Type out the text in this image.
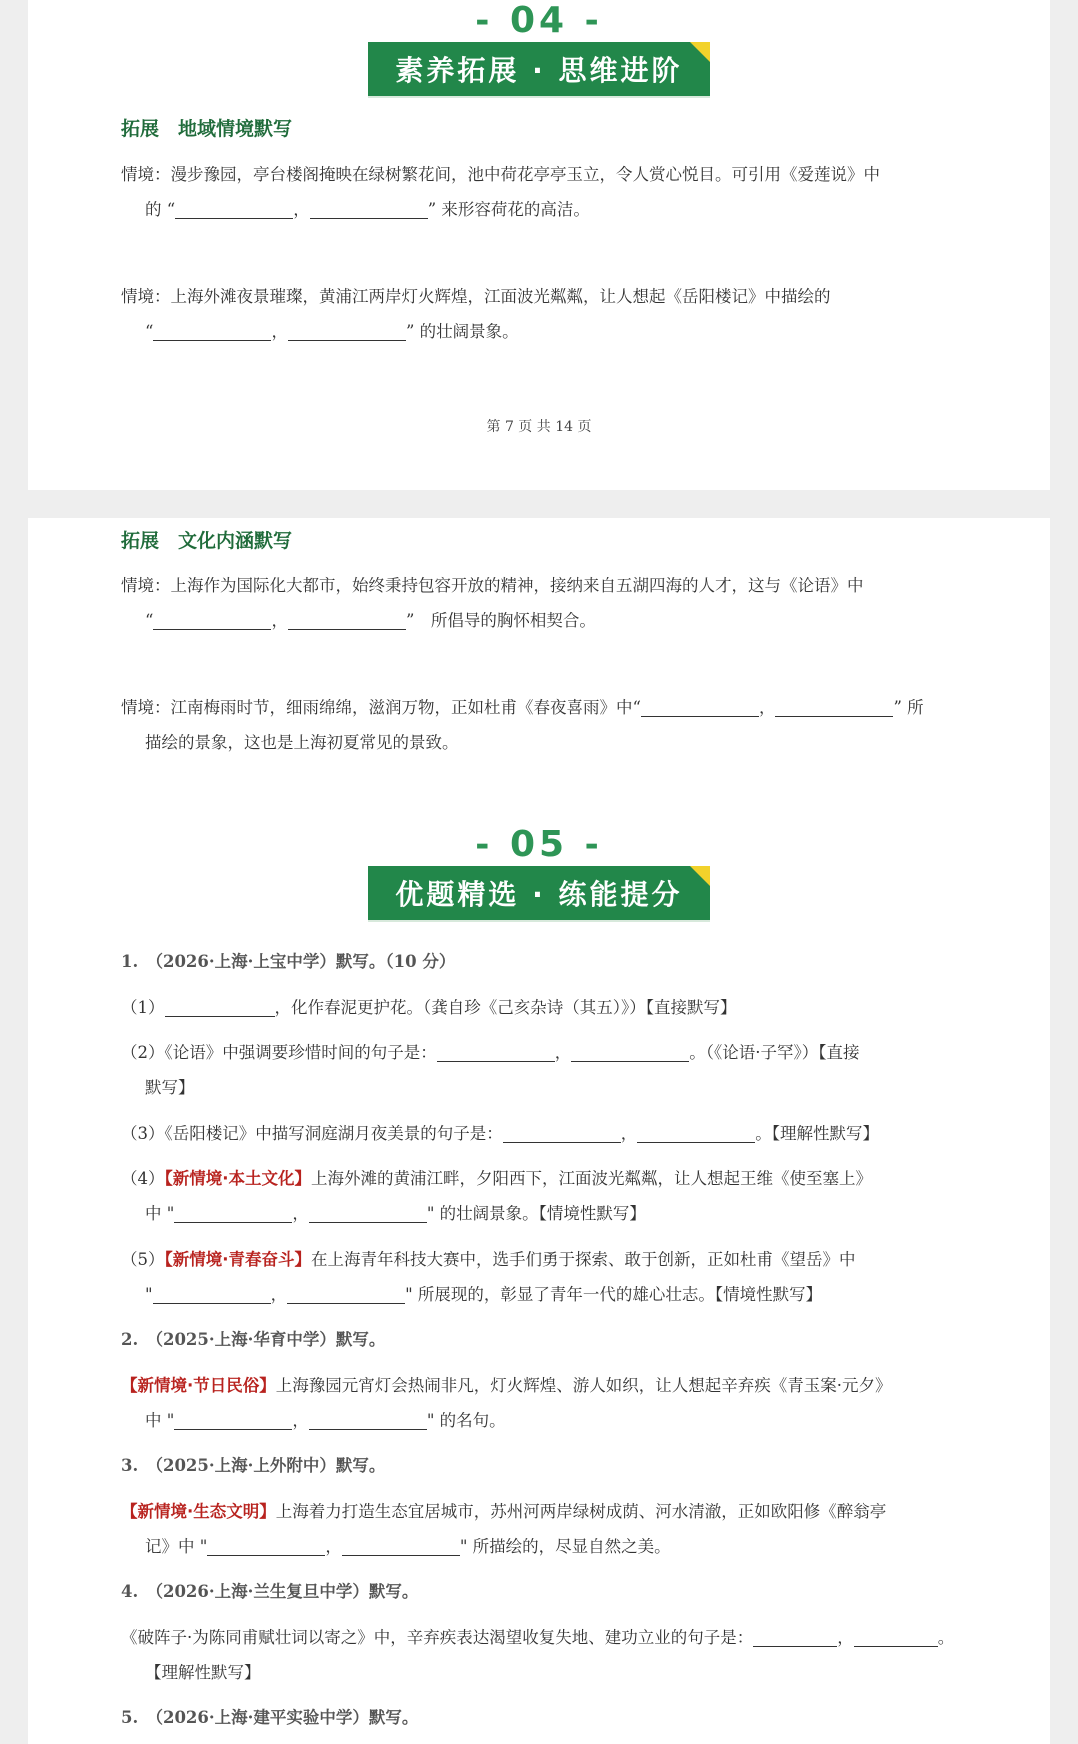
- 04 -
素养拓展 · 思维进阶
拓展　地域情境默写
情境：漫步豫园，亭台楼阁掩映在绿树繁花间，池中荷花亭亭玉立，令人赏心悦目。可引用《爱莲说》中
的 “	，	” 来形容荷花的高洁。
情境：上海外滩夜景璀璨，黄浦江两岸灯火辉煌，江面波光粼粼，让人想起《岳阳楼记》中描绘的
“	，	” 的壮阔景象。
第 7 页 共 14 页
拓展　文化内涵默写
情境：上海作为国际化大都市，始终秉持包容开放的精神，接纳来自五湖四海的人才，这与《论语》中
“	，	”　所倡导的胸怀相契合。
情境：江南梅雨时节，细雨绵绵，滋润万物，正如杜甫《春夜喜雨》中“	，	” 所
描绘的景象，这也是上海初夏常见的景致。
- 05 -
优题精选 · 练能提分
1.　（2026·上海·上宝中学）默写。（10 分）
（1）	，化作春泥更护花。（龚自珍《己亥杂诗（其五）》）【直接默写】
（2）《论语》中强调要珍惜时间的句子是：	，	。（《论语·子罕》）【直接
默写】
（3）《岳阳楼记》中描写洞庭湖月夜美景的句子是：	，	。【理解性默写】
（4）【新情境·本土文化】上海外滩的黄浦江畔，夕阳西下，江面波光粼粼，让人想起王维《使至塞上》
中 "	，	" 的壮阔景象。【情境性默写】
（5）【新情境·青春奋斗】在上海青年科技大赛中，选手们勇于探索、敢于创新，正如杜甫《望岳》中
"	，	" 所展现的，彰显了青年一代的雄心壮志。【情境性默写】
2.　（2025·上海·华育中学）默写。
【新情境·节日民俗】上海豫园元宵灯会热闹非凡，灯火辉煌、游人如织，让人想起辛弃疾《青玉案·元夕》
中 "	，	" 的名句。
3.　（2025·上海·上外附中）默写。
【新情境·生态文明】上海着力打造生态宜居城市，苏州河两岸绿树成荫、河水清澈，正如欧阳修《醉翁亭
记》中 "	，	" 所描绘的，尽显自然之美。
4.　（2026·上海·兰生复旦中学）默写。
《破阵子·为陈同甫赋壮词以寄之》中，辛弃疾表达渴望收复失地、建功立业的句子是：	，	。
【理解性默写】
5.　（2026·上海·建平实验中学）默写。
